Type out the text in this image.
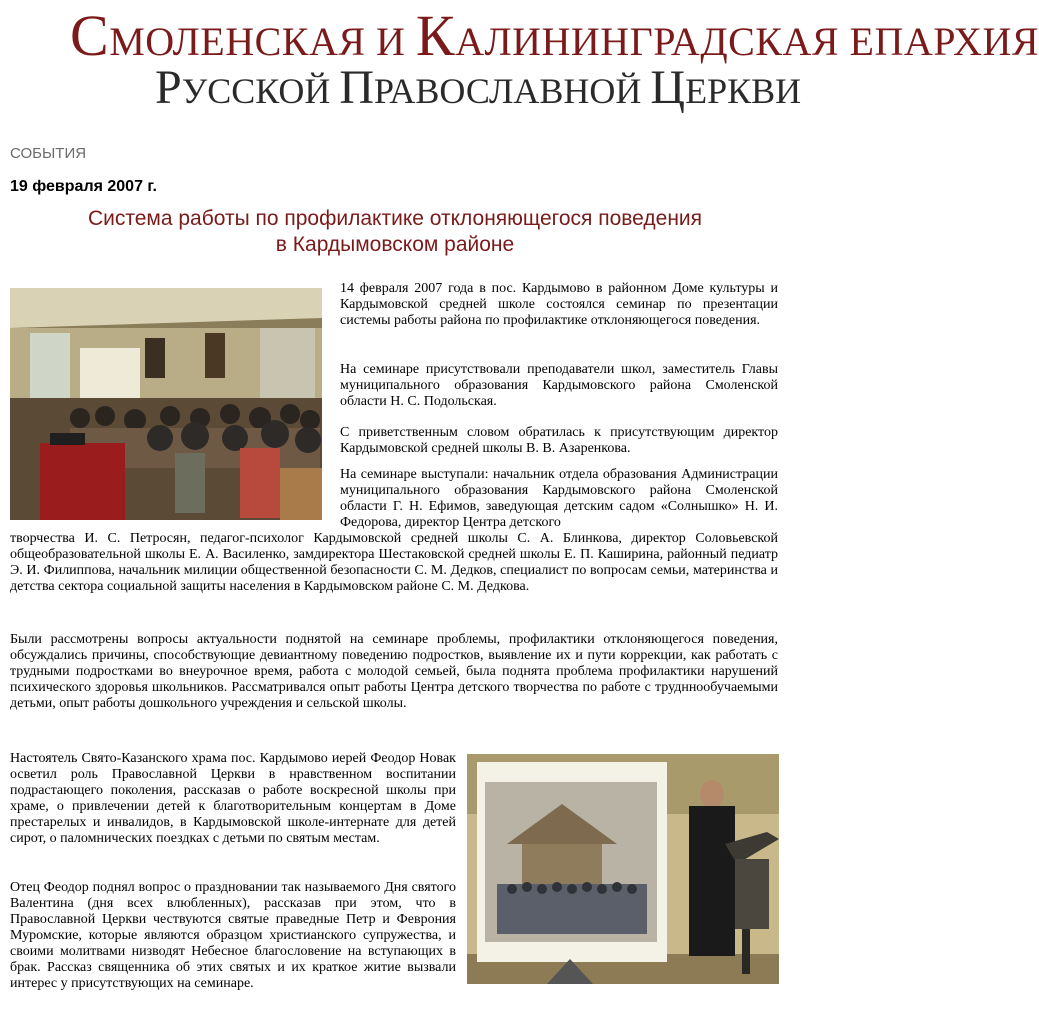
СМОЛЕНСКАЯ И КАЛИНИНГРАДСКАЯ ЕПАРХИЯ
РУССКОЙ ПРАВОСЛАВНОЙ ЦЕРКВИ
СОБЫТИЯ
19 февраля 2007 г.
Система работы по профилактике отклоняющегося поведения
в Кардымовском районе

14 февраля 2007 года в пос. Кардымово в районном Доме культуры и Кардымовской средней школе состоялся семинар по презентации системы работы района по профилактике отклоняющегося поведения.

На семинаре присутствовали преподаватели школ, заместитель Главы муниципального образования Кардымовского района Смоленской области Н. С. Подольская.

С приветственным словом обратилась к присутствующим директор Кардымовской средней школы В. В. Азаренкова.

На семинаре выступали: начальник отдела образования Администрации муниципального образования Кардымовского района Смоленской области Г. Н. Ефимов, заведующая детским садом «Солнышко» Н. И. Федорова, директор Центра детского

творчества И. С. Петросян, педагог-психолог Кардымовской средней школы С. А. Блинкова, директор Соловьевской общеобразовательной школы Е. А. Василенко, замдиректора Шестаковской средней школы Е. П. Каширина, районный педиатр Э. И. Филиппова, начальник милиции общественной безопасности С. М. Дедков, специалист по вопросам семьи, материнства и детства сектора социальной защиты населения в Кардымовском районе С. М. Дедкова.

Были рассмотрены вопросы актуальности поднятой на семинаре проблемы, профилактики отклоняющегося поведения, обсуждались причины, способствующие девиантному поведению подростков, выявление их и пути коррекции, как работать с трудными подростками во внеурочное время, работа с молодой семьей, была поднята проблема профилактики нарушений психического здоровья школьников. Рассматривался опыт работы Центра детского творчества по работе с трудннообучаемыми детьми, опыт работы дошкольного учреждения и сельской школы.

Настоятель Свято-Казанского храма пос. Кардымово иерей Феодор Новак осветил роль Православной Церкви в нравственном воспитании подрастающего поколения, рассказав о работе воскресной школы при храме, о привлечении детей к благотворительным концертам в Доме престарелых и инвалидов, в Кардымовской школе-интернате для детей сирот, о паломнических поездках с детьми по святым местам.

Отец Феодор поднял вопрос о праздновании так называемого Дня святого Валентина (дня всех влюбленных), рассказав при этом, что в Православной Церкви чествуются святые праведные Петр и Феврония Муромские, которые являются образцом христианского супружества, и своими молитвами низводят Небесное благословение на вступающих в брак. Рассказ священника об этих святых и их краткое житие вызвали интерес у присутствующих на семинаре.
